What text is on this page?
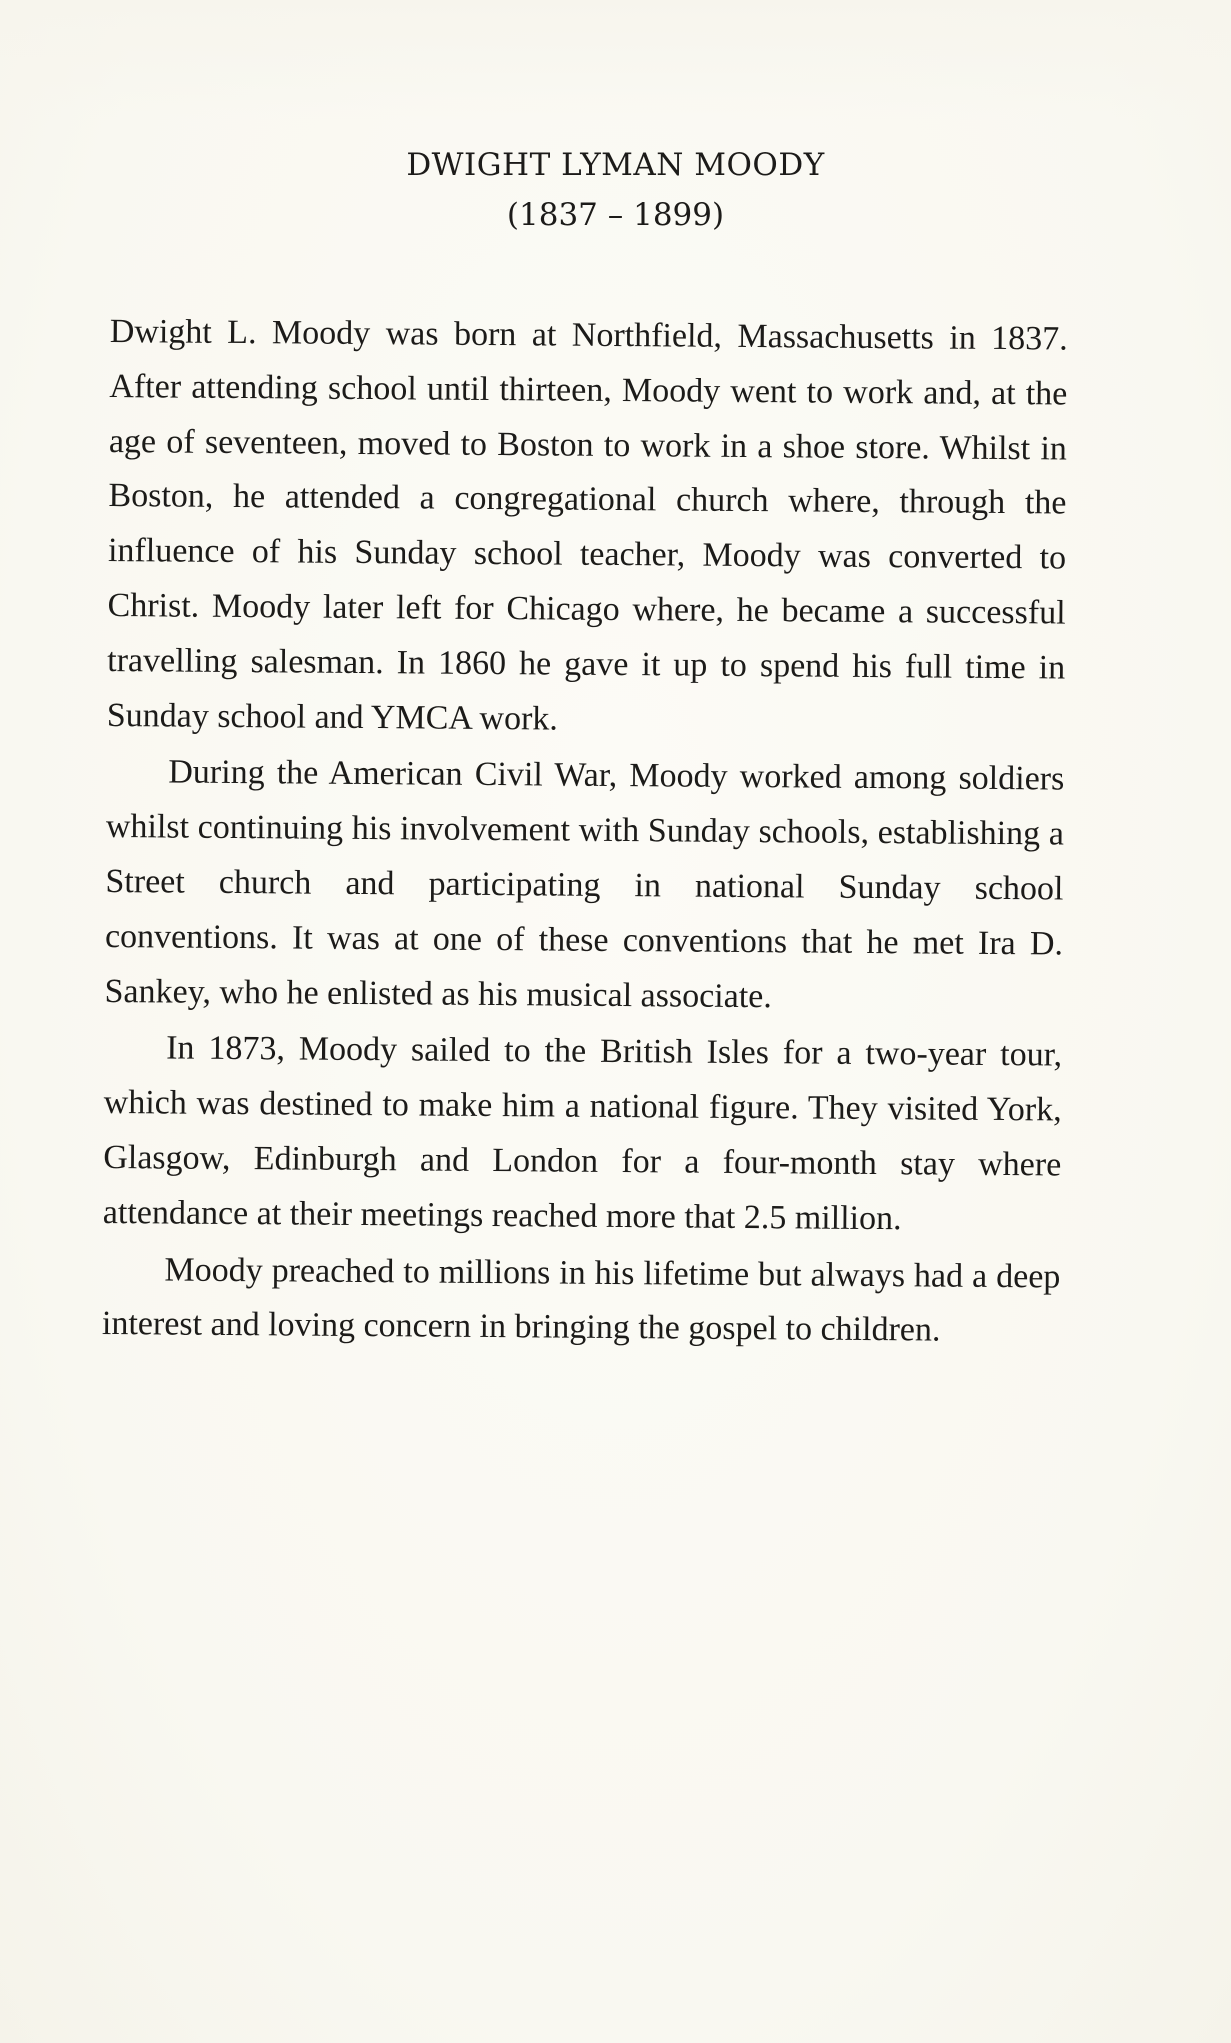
DWIGHT LYMAN MOODY
(1837 – 1899)

Dwight L. Moody was born at Northfield, Massachusetts in 1837. After attending school until thirteen, Moody went to work and, at the age of seventeen, moved to Boston to work in a shoe store. Whilst in Boston, he attended a congregational church where, through the influence of his Sunday school teacher, Moody was converted to Christ. Moody later left for Chicago where, he became a successful travelling salesman. In 1860 he gave it up to spend his full time in Sunday school and YMCA work.

During the American Civil War, Moody worked among soldiers whilst continuing his involvement with Sunday schools, establishing a Street church and participating in national Sunday school conventions. It was at one of these conventions that he met Ira D. Sankey, who he enlisted as his musical associate.

In 1873, Moody sailed to the British Isles for a two-year tour, which was destined to make him a national figure. They visited York, Glasgow, Edinburgh and London for a four-month stay where attendance at their meetings reached more that 2.5 million.

Moody preached to millions in his lifetime but always had a deep interest and loving concern in bringing the gospel to children.
